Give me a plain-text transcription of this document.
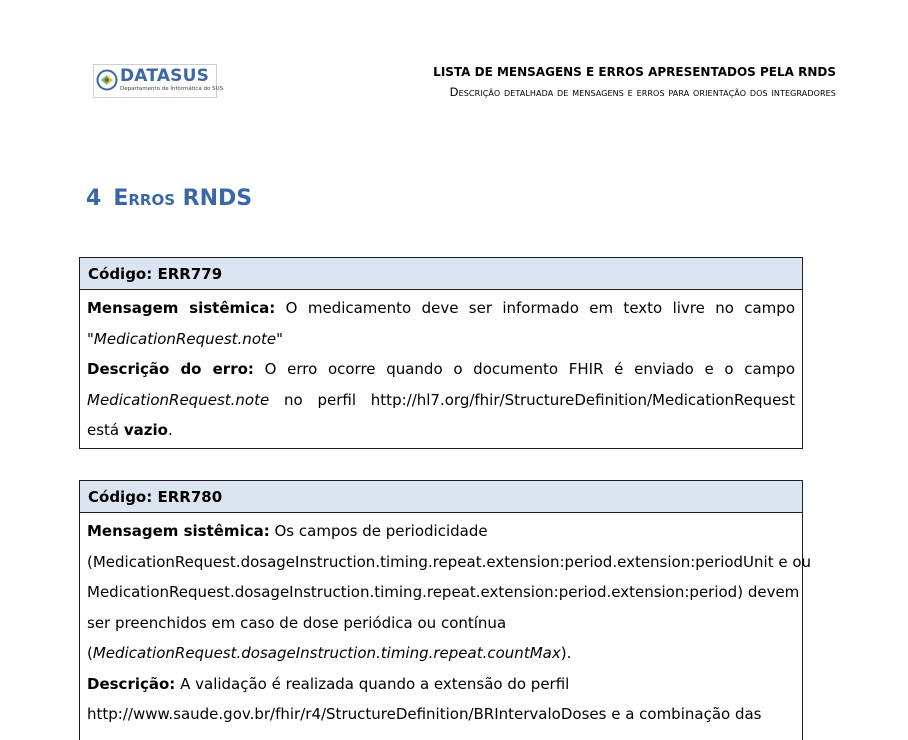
DATASUS
Departamento de Informática do SUS
LISTA DE MENSAGENS E ERROS APRESENTADOS PELA RNDS
Descrição detalhada de mensagens e erros para orientação dos integradores
4 Erros RNDS
Código: ERR779
Mensagem sistêmica: O medicamento deve ser informado em texto livre no campo "MedicationRequest.note"
Descrição do erro: O erro ocorre quando o documento FHIR é enviado e o campo MedicationRequest.note no perfil http://hl7.org/fhir/StructureDefinition/MedicationRequest está vazio.
Código: ERR780
Mensagem sistêmica: Os campos de periodicidade
(MedicationRequest.dosageInstruction.timing.repeat.extension:period.extension:periodUnit e ou
MedicationRequest.dosageInstruction.timing.repeat.extension:period.extension:period) devem
ser preenchidos em caso de dose periódica ou contínua
(MedicationRequest.dosageInstruction.timing.repeat.countMax).
Descrição: A validação é realizada quando a extensão do perfil
http://www.saude.gov.br/fhir/r4/StructureDefinition/BRIntervaloDoses e a combinação das
